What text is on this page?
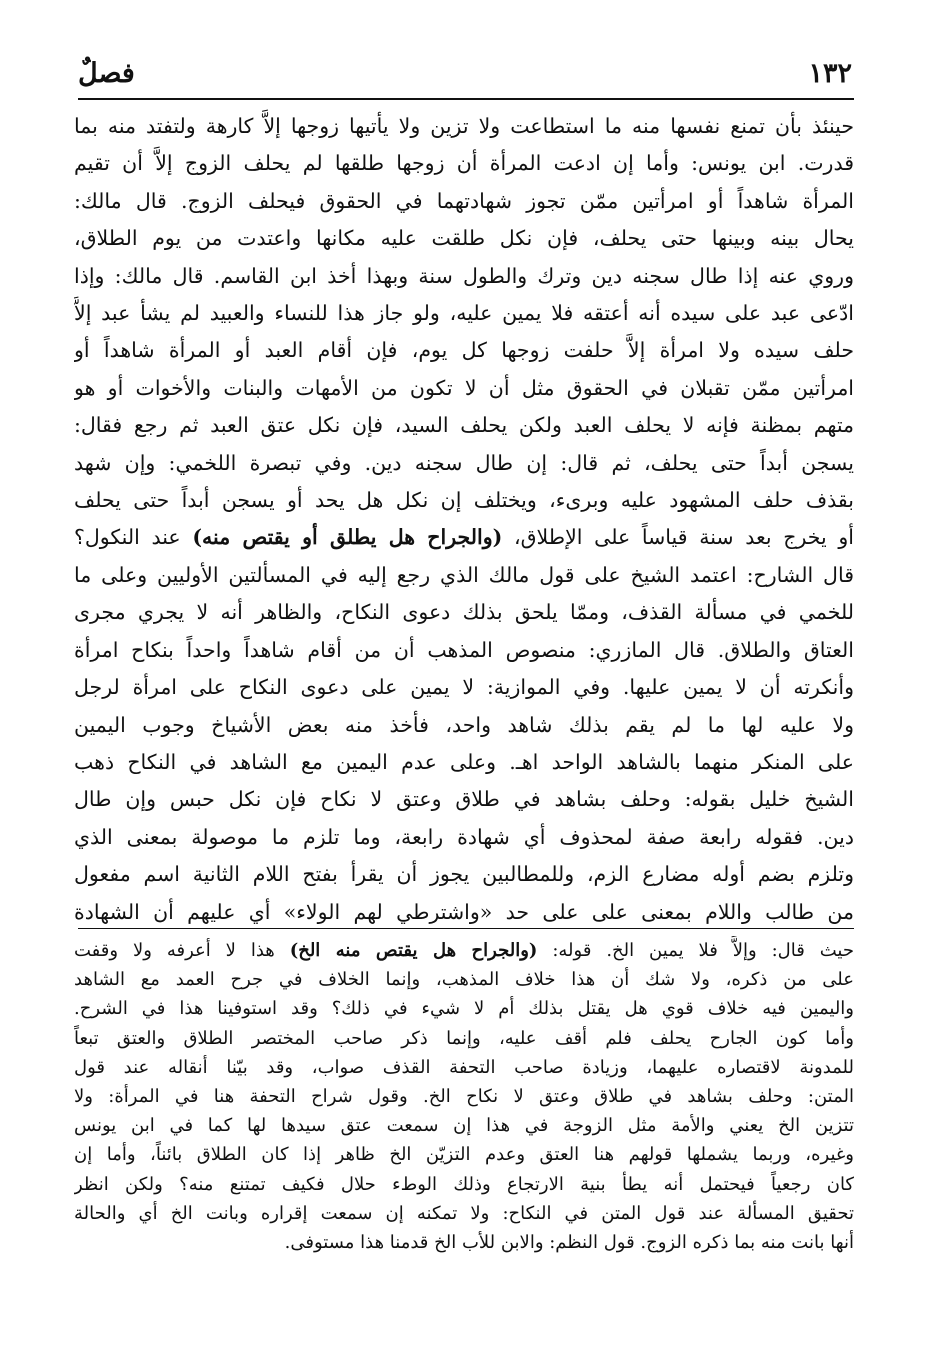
١٣٢
فصلٌ
حينئذ بأن تمنع نفسها منه ما استطاعت ولا تزين ولا يأتيها زوجها إلاَّ كارهة ولتفتد منه بما
قدرت. ابن يونس: وأما إن ادعت المرأة أن زوجها طلقها لم يحلف الزوج إلاَّ أن تقيم
المرأة شاهداً أو امرأتين ممّن تجوز شهادتهما في الحقوق فيحلف الزوج. قال مالك:
يحال بينه وبينها حتى يحلف، فإن نكل طلقت عليه مكانها واعتدت من يوم الطلاق،
وروي عنه إذا طال سجنه دين وترك والطول سنة وبهذا أخذ ابن القاسم. قال مالك: وإذا
ادّعى عبد على سيده أنه أعتقه فلا يمين عليه، ولو جاز هذا للنساء والعبيد لم يشأ عبد إلاَّ
حلف سيده ولا امرأة إلاَّ حلفت زوجها كل يوم، فإن أقام العبد أو المرأة شاهداً أو
امرأتين ممّن تقبلان في الحقوق مثل أن لا تكون من الأمهات والبنات والأخوات أو هو
متهم بمظنة فإنه لا يحلف العبد ولكن يحلف السيد، فإن نكل عتق العبد ثم رجع فقال:
يسجن أبداً حتى يحلف، ثم قال: إن طال سجنه دين. وفي تبصرة اللخمي: وإن شهد
بقذف حلف المشهود عليه وبرىء، ويختلف إن نكل هل يحد أو يسجن أبداً حتى يحلف
أو يخرج بعد سنة قياساً على الإطلاق، (والجراح هل يطلق أو يقتص منه) عند النكول؟
قال الشارح: اعتمد الشيخ على قول مالك الذي رجع إليه في المسألتين الأوليين وعلى ما
للخمي في مسألة القذف، وممّا يلحق بذلك دعوى النكاح، والظاهر أنه لا يجري مجرى
العتاق والطلاق. قال المازري: منصوص المذهب أن من أقام شاهداً واحداً بنكاح امرأة
وأنكرته أن لا يمين عليها. وفي الموازية: لا يمين على دعوى النكاح على امرأة لرجل
ولا عليه لها ما لم يقم بذلك شاهد واحد، فأخذ منه بعض الأشياخ وجوب اليمين
على المنكر منهما بالشاهد الواحد اهـ. وعلى عدم اليمين مع الشاهد في النكاح ذهب
الشيخ خليل بقوله: وحلف بشاهد في طلاق وعتق لا نكاح فإن نكل حبس وإن طال
دين. فقوله رابعة صفة لمحذوف أي شهادة رابعة، وما تلزم ما موصولة بمعنى الذي
وتلزم بضم أوله مضارع الزم، وللمطالبين يجوز أن يقرأ بفتح اللام الثانية اسم مفعول
من طالب واللام بمعنى على على حد «واشترطي لهم الولاء» أي عليهم أن الشهادة
حيث قال: وإلاَّ فلا يمين الخ. قوله: (والجراح هل يقتص منه الخ) هذا لا أعرفه ولا وقفت
على من ذكره، ولا شك أن هذا خلاف المذهب، وإنما الخلاف في جرح العمد مع الشاهد
واليمين فيه خلاف قوي هل يقتل بذلك أم لا شيء في ذلك؟ وقد استوفينا هذا في الشرح.
وأما كون الجارح يحلف فلم أقف عليه، وإنما ذكر صاحب المختصر الطلاق والعتق تبعاً
للمدونة لاقتصاره عليهما، وزيادة صاحب التحفة القذف صواب، وقد بيّنا أنقاله عند قول
المتن: وحلف بشاهد في طلاق وعتق لا نكاح الخ. وقول شراح التحفة هنا في المرأة: ولا
تتزين الخ يعني والأمة مثل الزوجة في هذا إن سمعت عتق سيدها لها كما في ابن يونس
وغيره، وربما يشملها قولهم هنا العتق وعدم التزيّن الخ ظاهر إذا كان الطلاق بائناً، وأما إن
كان رجعياً فيحتمل أنه يطأ بنية الارتجاع وذلك الوطء حلال فكيف تمتنع منه؟ ولكن انظر
تحقيق المسألة عند قول المتن في النكاح: ولا تمكنه إن سمعت إقراره وبانت الخ أي والحالة
أنها بانت منه بما ذكره الزوج. قول النظم: والابن للأب الخ قدمنا هذا مستوفى.
